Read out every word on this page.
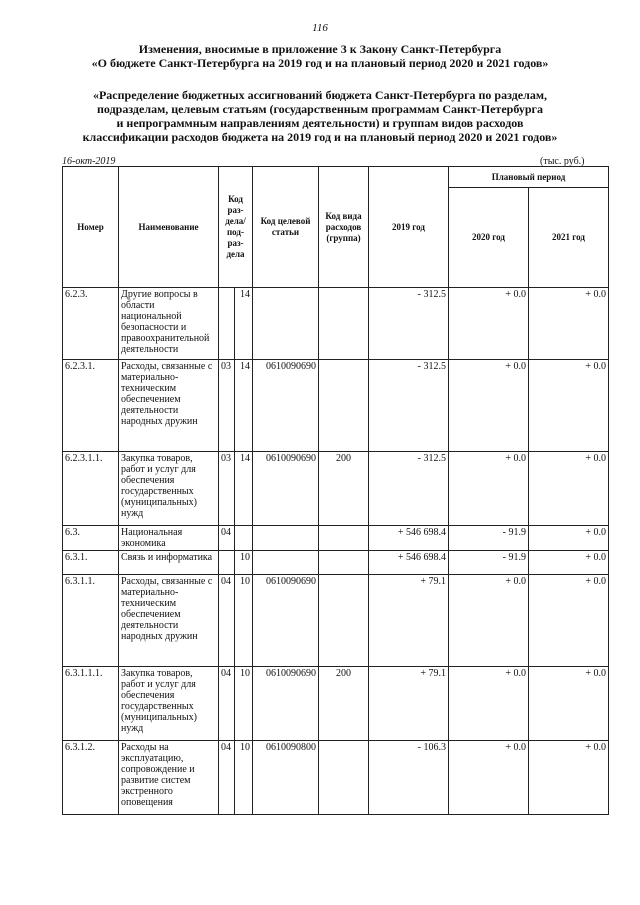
116
Изменения, вносимые в приложение 3 к Закону Санкт-Петербурга
«О бюджете Санкт-Петербурга на 2019 год и на плановый период 2020 и 2021 годов»
«Распределение бюджетных ассигнований бюджета Санкт-Петербурга по разделам,
подразделам, целевым статьям (государственным программам Санкт-Петербурга
и непрограммным направлениям деятельности) и группам видов расходов
классификации расходов бюджета на 2019 год и на плановый период 2020 и 2021 годов»
16-окт-2019	(тыс. руб.)
Номер	Наименование	Код раз- дела/ под- раз- дела		Код целевой статьи	Код вида расходов (группа)	2019 год	Плановый период	
							2020 год	2021 год
6.2.3.	Другие вопросы в области национальной безопасности и правоохранительной деятельности		14			- 312.5	+ 0.0	+ 0.0
6.2.3.1.	Расходы, связанные с материально-техническим обеспечением деятельности народных дружин	03	14	0610090690		- 312.5	+ 0.0	+ 0.0
6.2.3.1.1.	Закупка товаров, работ и услуг для обеспечения государственных (муниципальных) нужд	03	14	0610090690	200	- 312.5	+ 0.0	+ 0.0
6.3.	Национальная экономика	04				+ 546 698.4	- 91.9	+ 0.0
6.3.1.	Связь и информатика		10			+ 546 698.4	- 91.9	+ 0.0
6.3.1.1.	Расходы, связанные с материально-техническим обеспечением деятельности народных дружин	04	10	0610090690		+ 79.1	+ 0.0	+ 0.0
6.3.1.1.1.	Закупка товаров, работ и услуг для обеспечения государственных (муниципальных) нужд	04	10	0610090690	200	+ 79.1	+ 0.0	+ 0.0
6.3.1.2.	Расходы на эксплуатацию, сопровождение и развитие систем экстренного оповещения	04	10	0610090800		- 106.3	+ 0.0	+ 0.0
